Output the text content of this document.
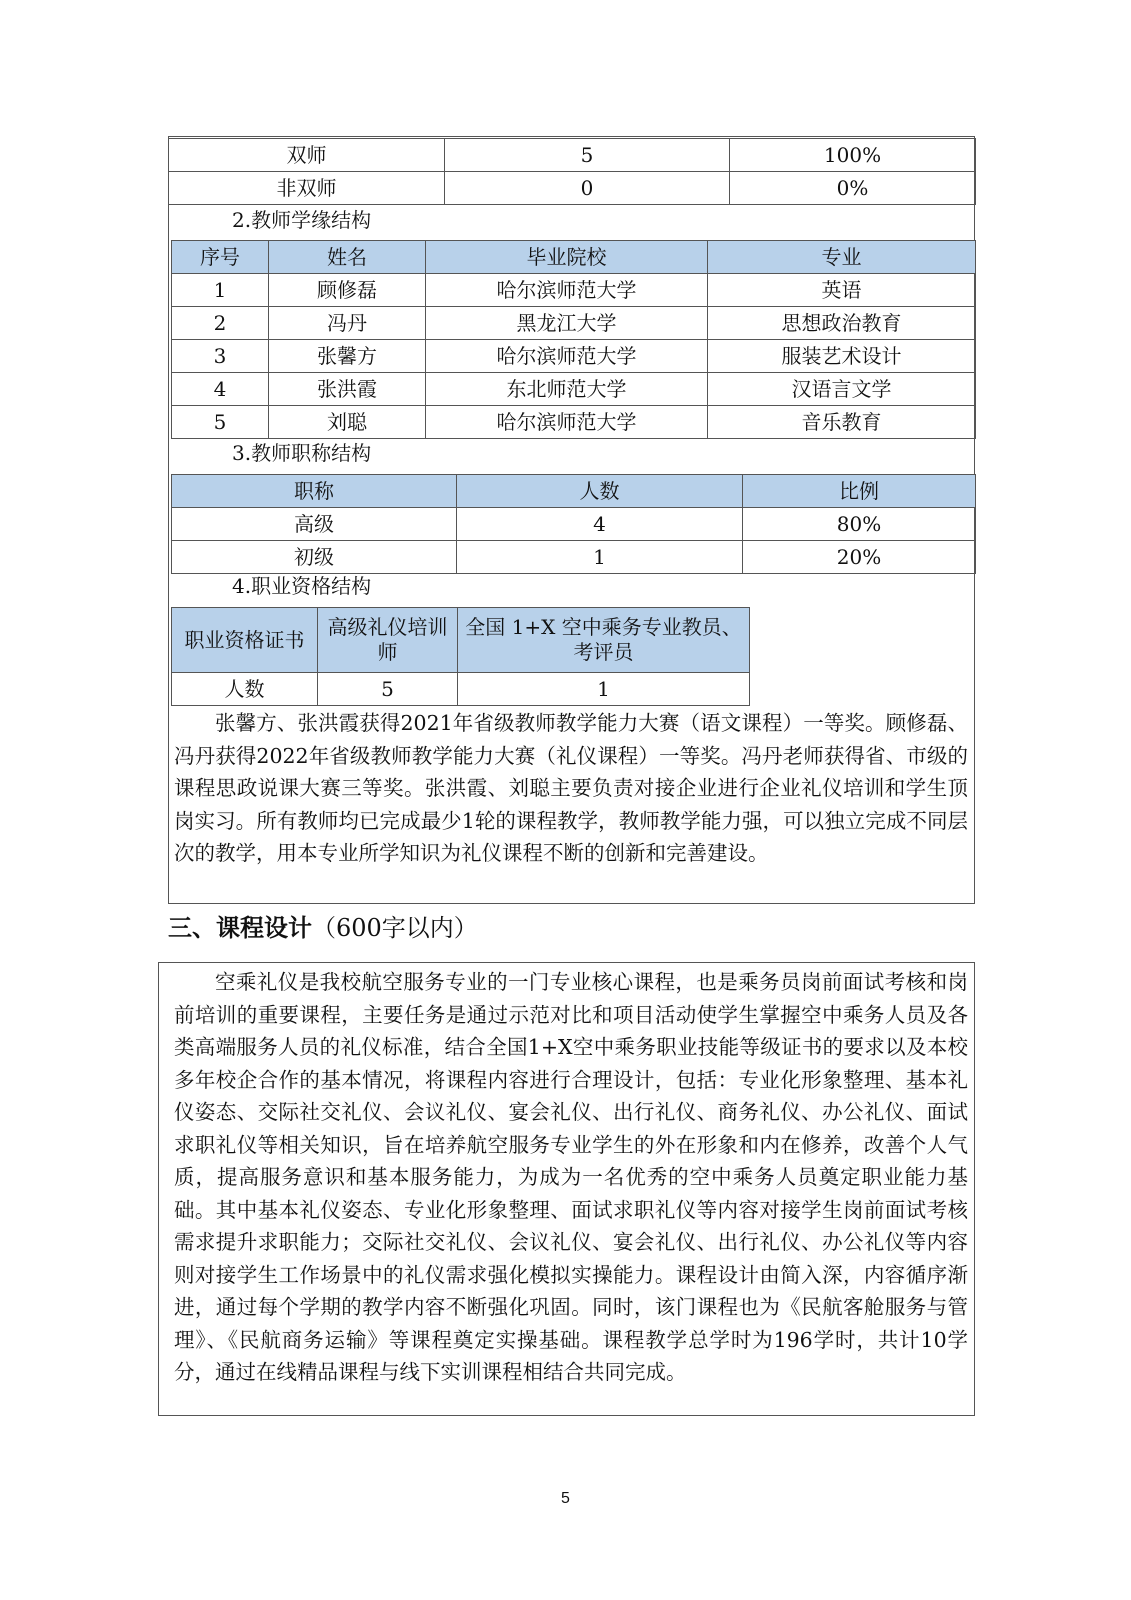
双师	5	100%
非双师	0	0%
2.教师学缘结构
序号	姓名	毕业院校	专业
1	顾修磊	哈尔滨师范大学	英语
2	冯丹	黑龙江大学	思想政治教育
3	张馨方	哈尔滨师范大学	服装艺术设计
4	张洪霞	东北师范大学	汉语言文学
5	刘聪	哈尔滨师范大学	音乐教育
3.教师职称结构
职称	人数	比例
高级	4	80%
初级	1	20%
4.职业资格结构
职业资格证书	高级礼仪培训师	全国 1+X 空中乘务专业教员、考评员
人数	5	1

张馨方、张洪霞获得2021年省级教师教学能力大赛（语文课程）一等奖。顾修磊、冯丹获得2022年省级教师教学能力大赛（礼仪课程）一等奖。冯丹老师获得省、市级的课程思政说课大赛三等奖。张洪霞、刘聪主要负责对接企业进行企业礼仪培训和学生顶岗实习。所有教师均已完成最少1轮的课程教学，教师教学能力强，可以独立完成不同层次的教学，用本专业所学知识为礼仪课程不断的创新和完善建设。

三、课程设计（600字以内）

空乘礼仪是我校航空服务专业的一门专业核心课程，也是乘务员岗前面试考核和岗前培训的重要课程，主要任务是通过示范对比和项目活动使学生掌握空中乘务人员及各类高端服务人员的礼仪标准，结合全国1+X空中乘务职业技能等级证书的要求以及本校多年校企合作的基本情况，将课程内容进行合理设计，包括：专业化形象整理、基本礼仪姿态、交际社交礼仪、会议礼仪、宴会礼仪、出行礼仪、商务礼仪、办公礼仪、面试求职礼仪等相关知识，旨在培养航空服务专业学生的外在形象和内在修养，改善个人气质，提高服务意识和基本服务能力，为成为一名优秀的空中乘务人员奠定职业能力基础。其中基本礼仪姿态、专业化形象整理、面试求职礼仪等内容对接学生岗前面试考核需求提升求职能力；交际社交礼仪、会议礼仪、宴会礼仪、出行礼仪、办公礼仪等内容则对接学生工作场景中的礼仪需求强化模拟实操能力。课程设计由简入深，内容循序渐进，通过每个学期的教学内容不断强化巩固。同时，该门课程也为《民航客舱服务与管理》、《民航商务运输》等课程奠定实操基础。课程教学总学时为196学时，共计10学分，通过在线精品课程与线下实训课程相结合共同完成。

5
